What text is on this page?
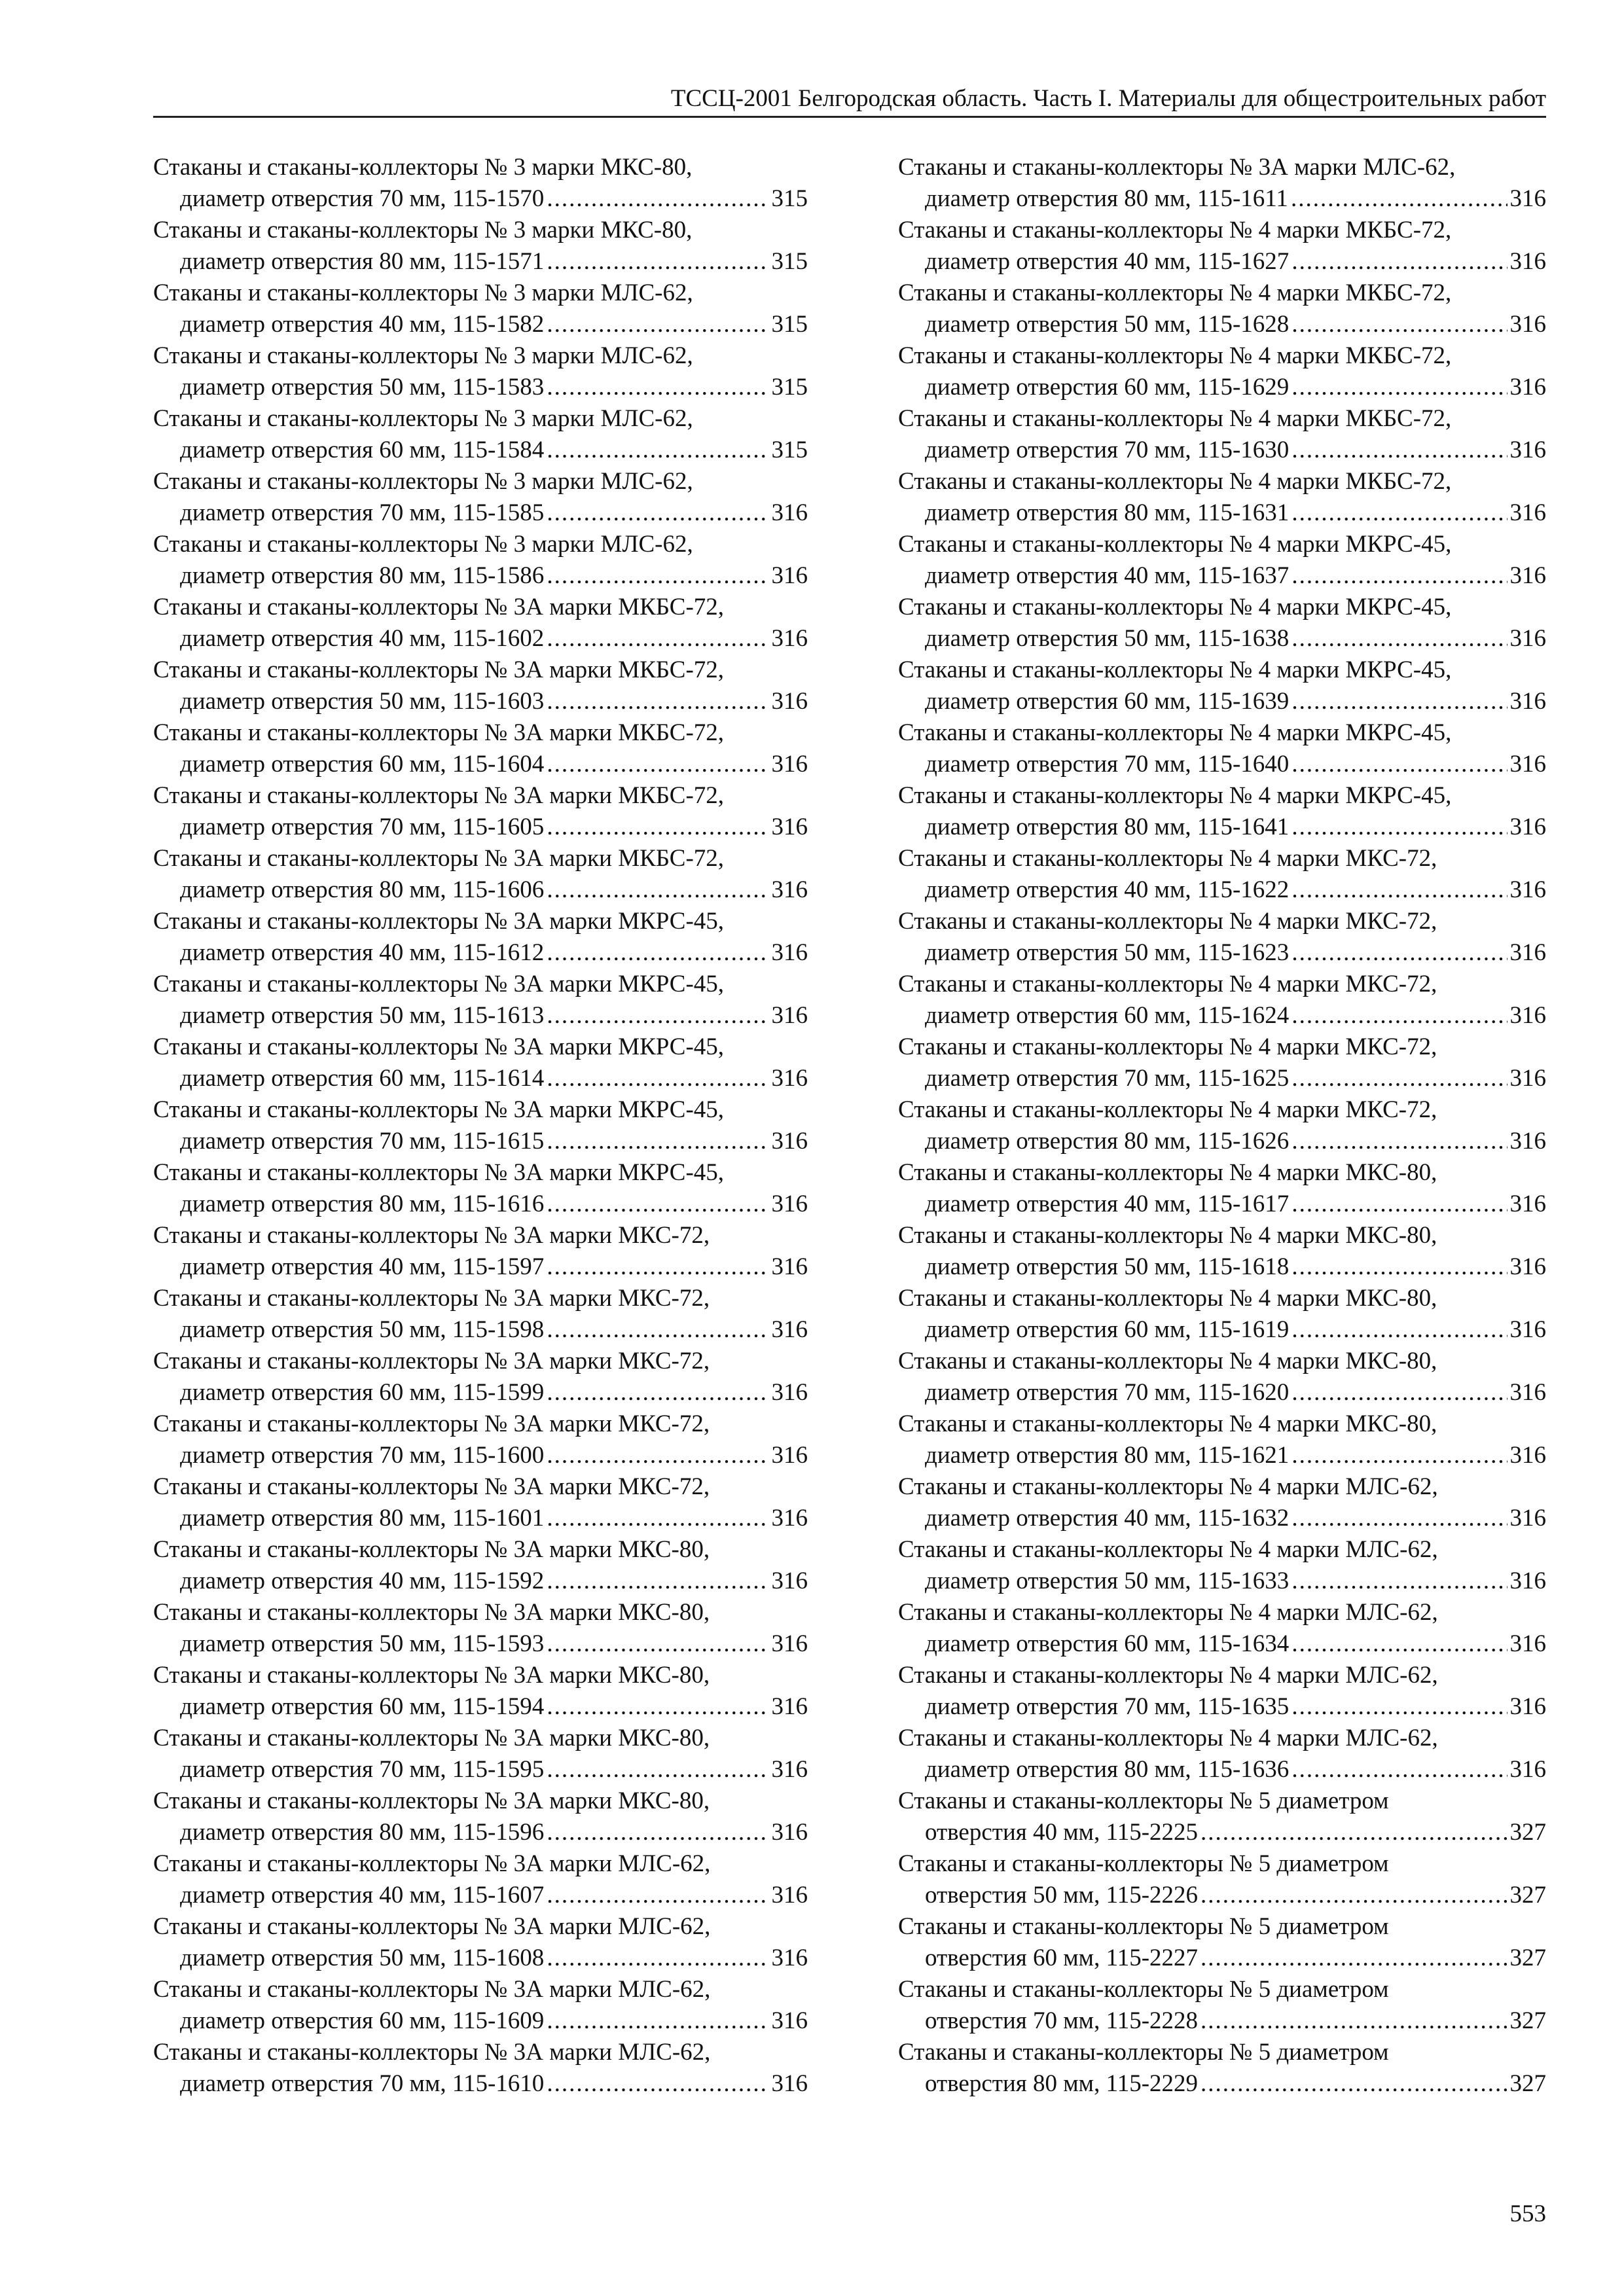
ТССЦ-2001 Белгородская область. Часть I. Материалы для общестроительных работ
Стаканы и стаканы-коллекторы № 3 марки МКС-80,
диаметр отверстия 70 мм, 115-1570 .....	315
Стаканы и стаканы-коллекторы № 3 марки МКС-80,
диаметр отверстия 80 мм, 115-1571 .....	315
Стаканы и стаканы-коллекторы № 3 марки МЛС-62,
диаметр отверстия 40 мм, 115-1582 .....	315
Стаканы и стаканы-коллекторы № 3 марки МЛС-62,
диаметр отверстия 50 мм, 115-1583 .....	315
Стаканы и стаканы-коллекторы № 3 марки МЛС-62,
диаметр отверстия 60 мм, 115-1584 .....	315
Стаканы и стаканы-коллекторы № 3 марки МЛС-62,
диаметр отверстия 70 мм, 115-1585 .....	316
Стаканы и стаканы-коллекторы № 3 марки МЛС-62,
диаметр отверстия 80 мм, 115-1586 .....	316
Стаканы и стаканы-коллекторы № 3А марки МКБС-72,
диаметр отверстия 40 мм, 115-1602 .....	316
Стаканы и стаканы-коллекторы № 3А марки МКБС-72,
диаметр отверстия 50 мм, 115-1603 .....	316
Стаканы и стаканы-коллекторы № 3А марки МКБС-72,
диаметр отверстия 60 мм, 115-1604 .....	316
Стаканы и стаканы-коллекторы № 3А марки МКБС-72,
диаметр отверстия 70 мм, 115-1605 .....	316
Стаканы и стаканы-коллекторы № 3А марки МКБС-72,
диаметр отверстия 80 мм, 115-1606 .....	316
Стаканы и стаканы-коллекторы № 3А марки МКРС-45,
диаметр отверстия 40 мм, 115-1612 .....	316
Стаканы и стаканы-коллекторы № 3А марки МКРС-45,
диаметр отверстия 50 мм, 115-1613 .....	316
Стаканы и стаканы-коллекторы № 3А марки МКРС-45,
диаметр отверстия 60 мм, 115-1614 .....	316
Стаканы и стаканы-коллекторы № 3А марки МКРС-45,
диаметр отверстия 70 мм, 115-1615 .....	316
Стаканы и стаканы-коллекторы № 3А марки МКРС-45,
диаметр отверстия 80 мм, 115-1616 .....	316
Стаканы и стаканы-коллекторы № 3А марки МКС-72,
диаметр отверстия 40 мм, 115-1597 .....	316
Стаканы и стаканы-коллекторы № 3А марки МКС-72,
диаметр отверстия 50 мм, 115-1598 .....	316
Стаканы и стаканы-коллекторы № 3А марки МКС-72,
диаметр отверстия 60 мм, 115-1599 .....	316
Стаканы и стаканы-коллекторы № 3А марки МКС-72,
диаметр отверстия 70 мм, 115-1600 .....	316
Стаканы и стаканы-коллекторы № 3А марки МКС-72,
диаметр отверстия 80 мм, 115-1601 .....	316
Стаканы и стаканы-коллекторы № 3А марки МКС-80,
диаметр отверстия 40 мм, 115-1592 .....	316
Стаканы и стаканы-коллекторы № 3А марки МКС-80,
диаметр отверстия 50 мм, 115-1593 .....	316
Стаканы и стаканы-коллекторы № 3А марки МКС-80,
диаметр отверстия 60 мм, 115-1594 .....	316
Стаканы и стаканы-коллекторы № 3А марки МКС-80,
диаметр отверстия 70 мм, 115-1595 .....	316
Стаканы и стаканы-коллекторы № 3А марки МКС-80,
диаметр отверстия 80 мм, 115-1596 .....	316
Стаканы и стаканы-коллекторы № 3А марки МЛС-62,
диаметр отверстия 40 мм, 115-1607 .....	316
Стаканы и стаканы-коллекторы № 3А марки МЛС-62,
диаметр отверстия 50 мм, 115-1608 .....	316
Стаканы и стаканы-коллекторы № 3А марки МЛС-62,
диаметр отверстия 60 мм, 115-1609 .....	316
Стаканы и стаканы-коллекторы № 3А марки МЛС-62,
диаметр отверстия 70 мм, 115-1610 .....	316
Стаканы и стаканы-коллекторы № 3А марки МЛС-62,
диаметр отверстия 80 мм, 115-1611 .....	316
Стаканы и стаканы-коллекторы № 4 марки МКБС-72,
диаметр отверстия 40 мм, 115-1627 .....	316
Стаканы и стаканы-коллекторы № 4 марки МКБС-72,
диаметр отверстия 50 мм, 115-1628 .....	316
Стаканы и стаканы-коллекторы № 4 марки МКБС-72,
диаметр отверстия 60 мм, 115-1629 .....	316
Стаканы и стаканы-коллекторы № 4 марки МКБС-72,
диаметр отверстия 70 мм, 115-1630 .....	316
Стаканы и стаканы-коллекторы № 4 марки МКБС-72,
диаметр отверстия 80 мм, 115-1631 .....	316
Стаканы и стаканы-коллекторы № 4 марки МКРС-45,
диаметр отверстия 40 мм, 115-1637 .....	316
Стаканы и стаканы-коллекторы № 4 марки МКРС-45,
диаметр отверстия 50 мм, 115-1638 .....	316
Стаканы и стаканы-коллекторы № 4 марки МКРС-45,
диаметр отверстия 60 мм, 115-1639 .....	316
Стаканы и стаканы-коллекторы № 4 марки МКРС-45,
диаметр отверстия 70 мм, 115-1640 .....	316
Стаканы и стаканы-коллекторы № 4 марки МКРС-45,
диаметр отверстия 80 мм, 115-1641 .....	316
Стаканы и стаканы-коллекторы № 4 марки МКС-72,
диаметр отверстия 40 мм, 115-1622 .....	316
Стаканы и стаканы-коллекторы № 4 марки МКС-72,
диаметр отверстия 50 мм, 115-1623 .....	316
Стаканы и стаканы-коллекторы № 4 марки МКС-72,
диаметр отверстия 60 мм, 115-1624 .....	316
Стаканы и стаканы-коллекторы № 4 марки МКС-72,
диаметр отверстия 70 мм, 115-1625 .....	316
Стаканы и стаканы-коллекторы № 4 марки МКС-72,
диаметр отверстия 80 мм, 115-1626 .....	316
Стаканы и стаканы-коллекторы № 4 марки МКС-80,
диаметр отверстия 40 мм, 115-1617 .....	316
Стаканы и стаканы-коллекторы № 4 марки МКС-80,
диаметр отверстия 50 мм, 115-1618 .....	316
Стаканы и стаканы-коллекторы № 4 марки МКС-80,
диаметр отверстия 60 мм, 115-1619 .....	316
Стаканы и стаканы-коллекторы № 4 марки МКС-80,
диаметр отверстия 70 мм, 115-1620 .....	316
Стаканы и стаканы-коллекторы № 4 марки МКС-80,
диаметр отверстия 80 мм, 115-1621 .....	316
Стаканы и стаканы-коллекторы № 4 марки МЛС-62,
диаметр отверстия 40 мм, 115-1632 .....	316
Стаканы и стаканы-коллекторы № 4 марки МЛС-62,
диаметр отверстия 50 мм, 115-1633 .....	316
Стаканы и стаканы-коллекторы № 4 марки МЛС-62,
диаметр отверстия 60 мм, 115-1634 .....	316
Стаканы и стаканы-коллекторы № 4 марки МЛС-62,
диаметр отверстия 70 мм, 115-1635 .....	316
Стаканы и стаканы-коллекторы № 4 марки МЛС-62,
диаметр отверстия 80 мм, 115-1636 .....	316
Стаканы и стаканы-коллекторы № 5 диаметром
отверстия 40 мм, 115-2225 .....	327
Стаканы и стаканы-коллекторы № 5 диаметром
отверстия 50 мм, 115-2226 .....	327
Стаканы и стаканы-коллекторы № 5 диаметром
отверстия 60 мм, 115-2227 .....	327
Стаканы и стаканы-коллекторы № 5 диаметром
отверстия 70 мм, 115-2228 .....	327
Стаканы и стаканы-коллекторы № 5 диаметром
отверстия 80 мм, 115-2229 .....	327
553
